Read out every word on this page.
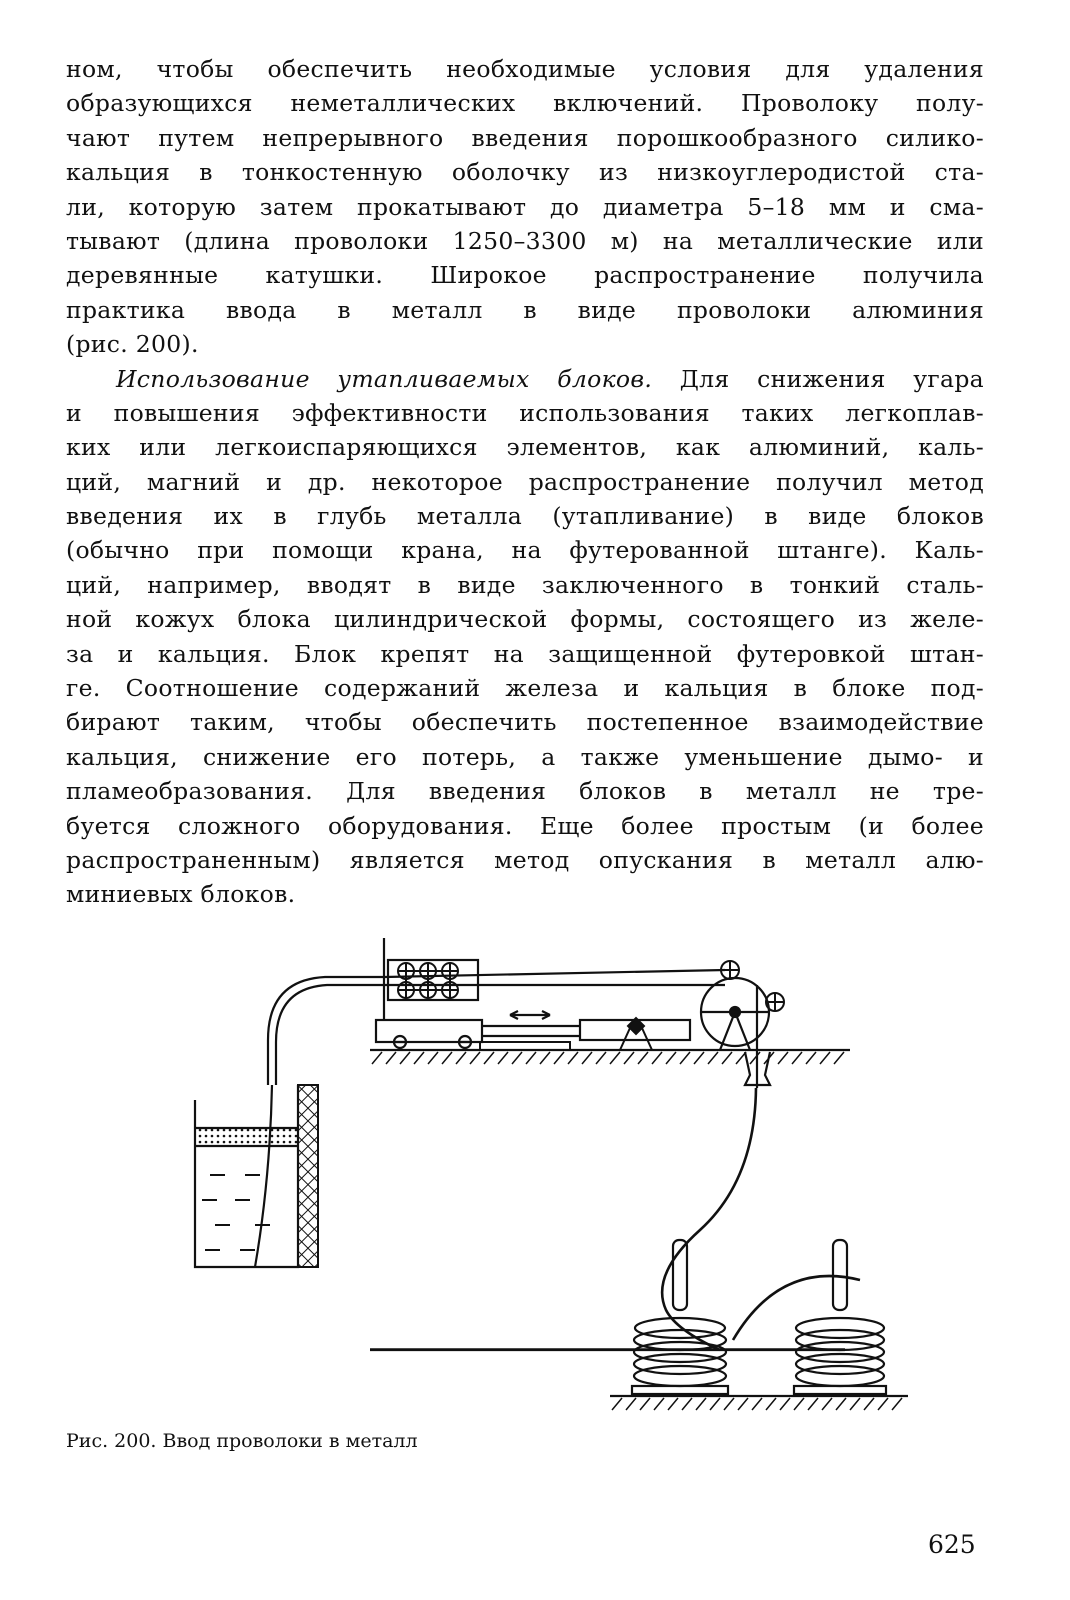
ном, чтобы обеспечить необходимые условия для удаления
образующихся неметаллических включений. Проволоку полу-
чают путем непрерывного введения порошкообразного силико-
кальция в тонкостенную оболочку из низкоуглеродистой ста-
ли, которую затем прокатывают до диаметра 5–18 мм и сма-
тывают (длина проволоки 1250–3300 м) на металлические или
деревянные катушки. Широкое распространение получила
практика ввода в металл в виде проволоки алюминия
(рис. 200).
Использование утапливаемых блоков. Для снижения угара
и повышения эффективности использования таких легкоплав-
ких или легкоиспаряющихся элементов, как алюминий, каль-
ций, магний и др. некоторое распространение получил метод
введения их в глубь металла (утапливание) в виде блоков
(обычно при помощи крана, на футерованной штанге). Каль-
ций, например, вводят в виде заключенного в тонкий сталь-
ной кожух блока цилиндрической формы, состоящего из желе-
за и кальция. Блок крепят на защищенной футеровкой штан-
ге. Соотношение содержаний железа и кальция в блоке под-
бирают таким, чтобы обеспечить постепенное взаимодействие
кальция, снижение его потерь, а также уменьшение дымо- и
пламеобразования. Для введения блоков в металл не тре-
буется сложного оборудования. Еще более простым (и более
распространенным) является метод опускания в металл алю-
миниевых блоков.
Рис. 200. Ввод проволоки в металл
625
